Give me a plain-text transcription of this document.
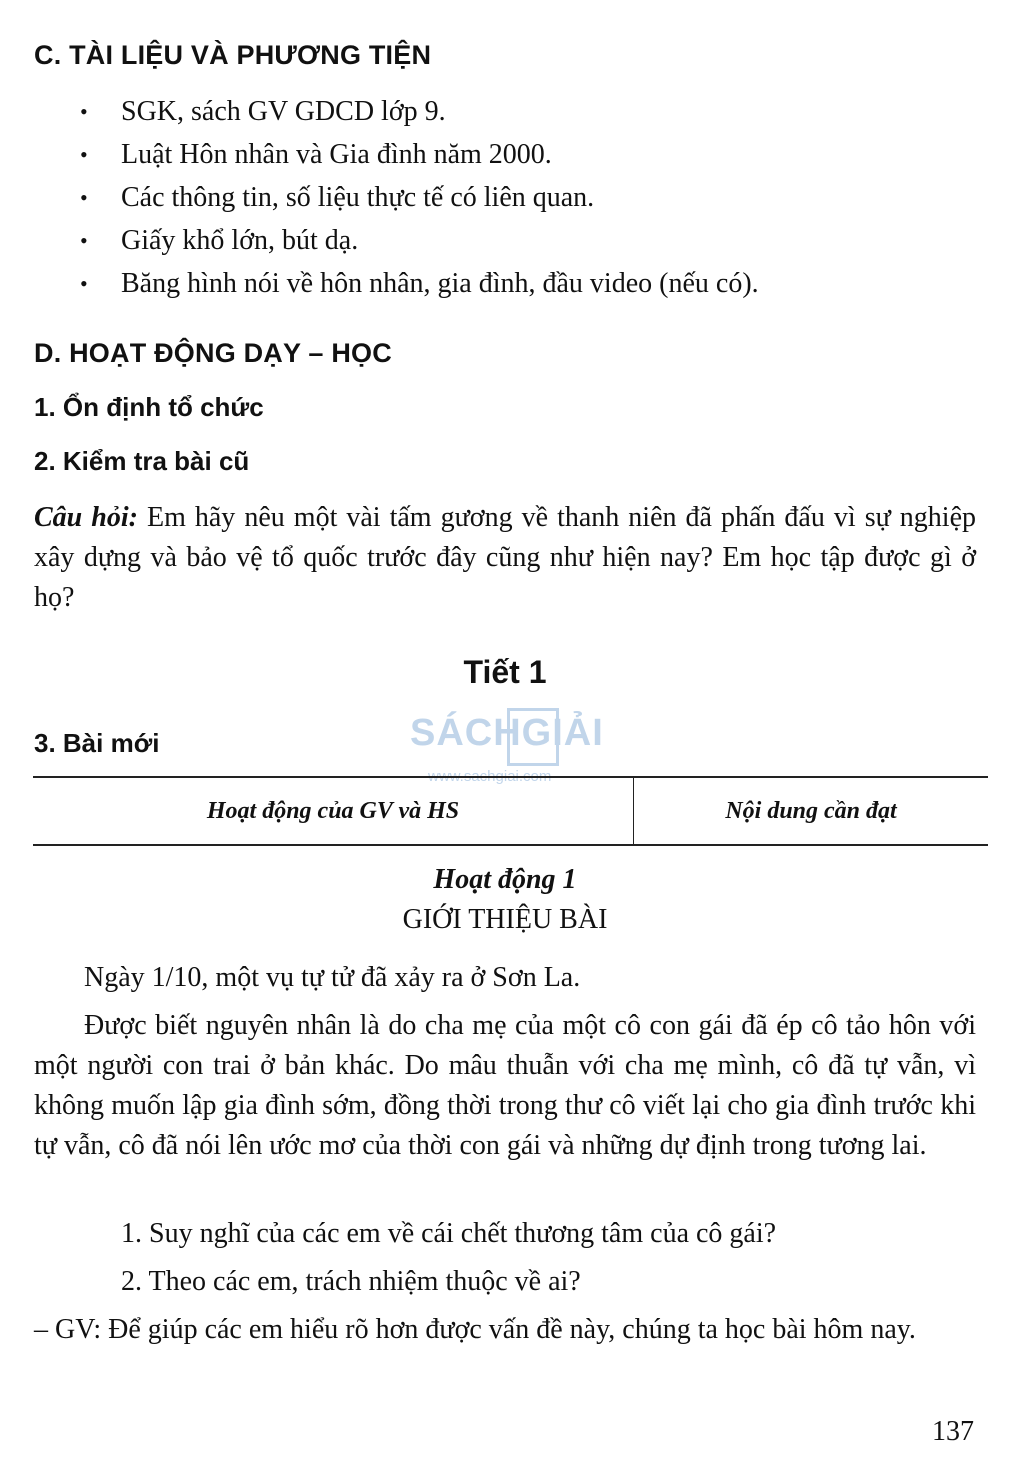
C. TÀI LIỆU VÀ PHƯƠNG TIỆN
• SGK, sách GV GDCD lớp 9.
• Luật Hôn nhân và Gia đình năm 2000.
• Các thông tin, số liệu thực tế có liên quan.
• Giấy khổ lớn, bút dạ.
• Băng hình nói về hôn nhân, gia đình, đầu video (nếu có).
D. HOẠT ĐỘNG DẠY – HỌC
1. Ổn định tổ chức
2. Kiểm tra bài cũ
Câu hỏi: Em hãy nêu một vài tấm gương về thanh niên đã phấn đấu vì sự nghiệp xây dựng và bảo vệ tổ quốc trước đây cũng như hiện nay? Em học tập được gì ở họ?
Tiết 1
3. Bài mới	SÁCHGIẢI
www.sachgiai.com
Hoạt động của GV và HS	Nội dung cần đạt
Hoạt động 1
GIỚI THIỆU BÀI
Ngày 1/10, một vụ tự tử đã xảy ra ở Sơn La.
Được biết nguyên nhân là do cha mẹ của một cô con gái đã ép cô tảo hôn với một người con trai ở bản khác. Do mâu thuẫn với cha mẹ mình, cô đã tự vẫn, vì không muốn lập gia đình sớm, đồng thời trong thư cô viết lại cho gia đình trước khi tự vẫn, cô đã nói lên ước mơ của thời con gái và những dự định trong tương lai.
1. Suy nghĩ của các em về cái chết thương tâm của cô gái?
2. Theo các em, trách nhiệm thuộc về ai?
– GV: Để giúp các em hiểu rõ hơn được vấn đề này, chúng ta học bài hôm nay.
137
